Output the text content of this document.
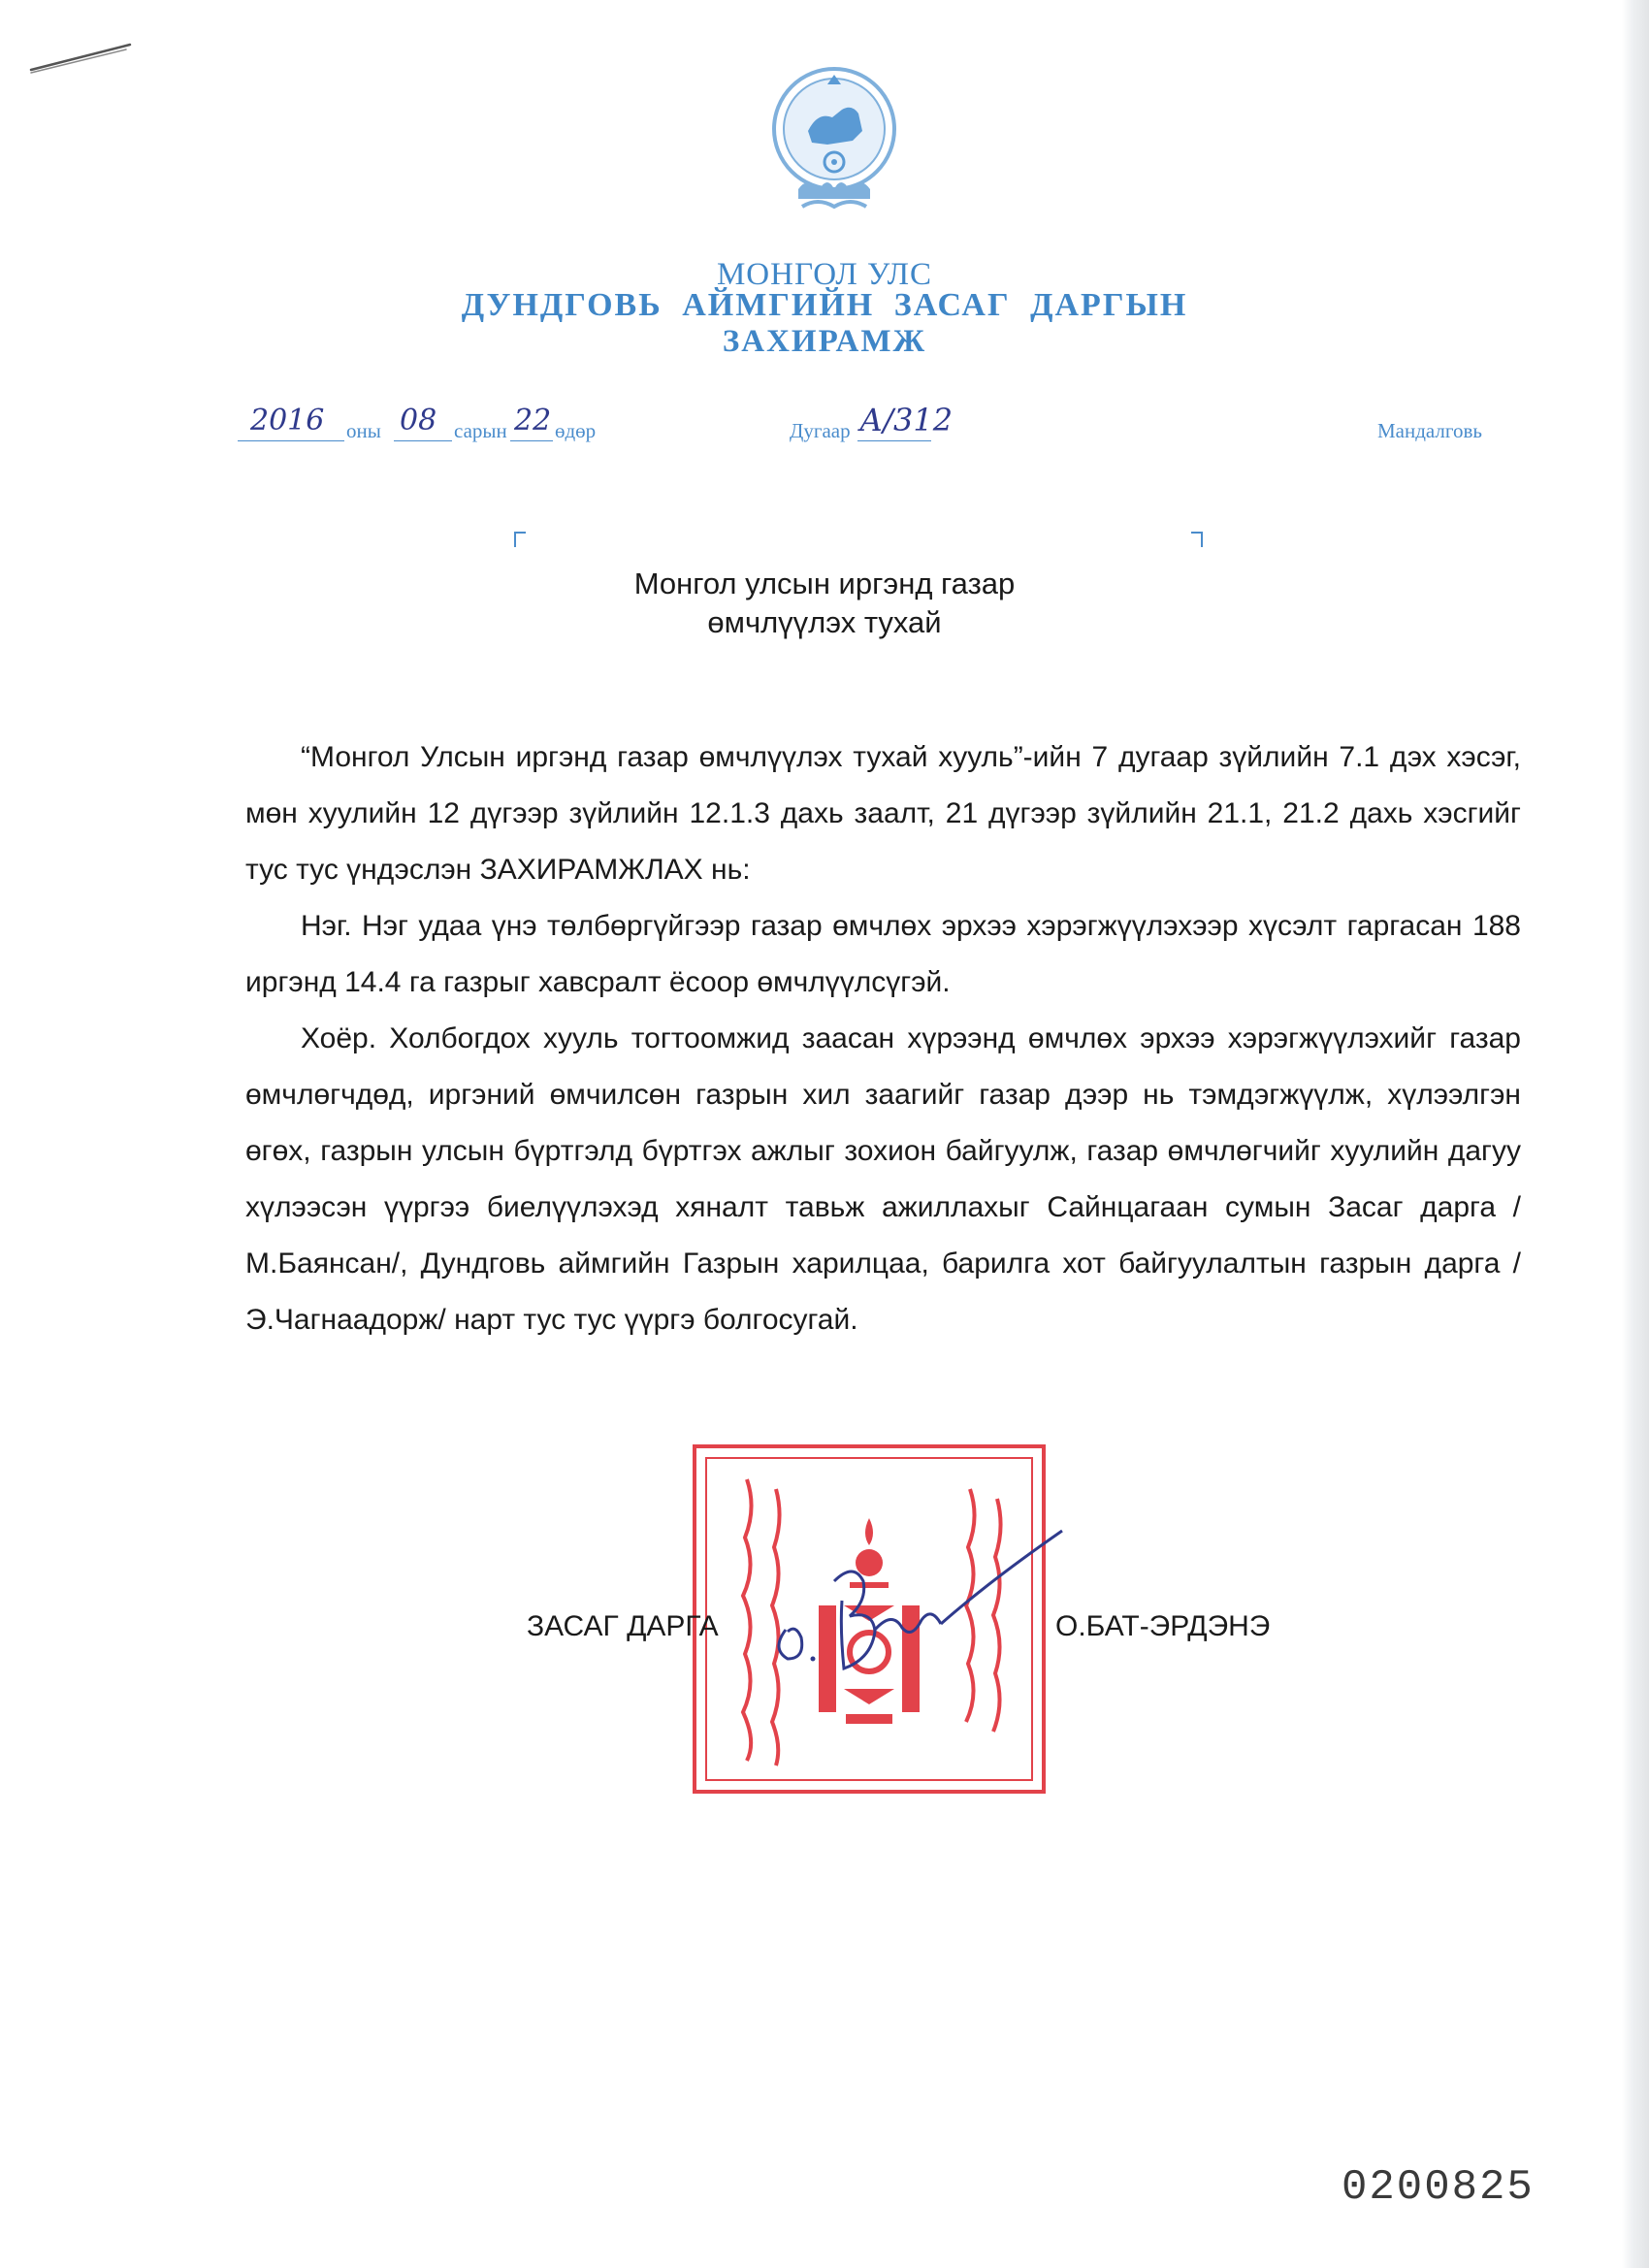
МОНГОЛ УЛС
ДУНДГОВЬ АЙМГИЙН ЗАСАГ ДАРГЫН
ЗАХИРАМЖ
2016 оны 08 сарын 22 өдөр	Дугаар А/312	Мандалговь
Монгол улсын иргэнд газар
өмчлүүлэх тухай

“Монгол Улсын иргэнд газар өмчлүүлэх тухай хууль”-ийн 7 дугаар зүйлийн 7.1 дэх хэсэг, мөн хуулийн 12 дүгээр зүйлийн 12.1.3 дахь заалт, 21 дүгээр зүйлийн 21.1, 21.2 дахь хэсгийг тус тус үндэслэн ЗАХИРАМЖЛАХ нь:

Нэг. Нэг удаа үнэ төлбөргүйгээр газар өмчлөх эрхээ хэрэгжүүлэхээр хүсэлт гаргасан 188 иргэнд 14.4 га газрыг хавсралт ёсоор өмчлүүлсүгэй.

Хоёр. Холбогдох хууль тогтоомжид заасан хүрээнд өмчлөх эрхээ хэрэгжүүлэхийг газар өмчлөгчдөд, иргэний өмчилсөн газрын хил заагийг газар дээр нь тэмдэгжүүлж, хүлээлгэн өгөх, газрын улсын бүртгэлд бүртгэх ажлыг зохион байгуулж, газар өмчлөгчийг хуулийн дагуу хүлээсэн үүргээ биелүүлэхэд хяналт тавьж ажиллахыг Сайнцагаан сумын Засаг дарга /М.Баянсан/, Дундговь аймгийн Газрын харилцаа, барилга хот байгуулалтын газрын дарга /Э.Чагнаадорж/ нарт тус тус үүргэ болгосугай.

ЗАСАГ ДАРГА	О.БАТ-ЭРДЭНЭ
0200825
